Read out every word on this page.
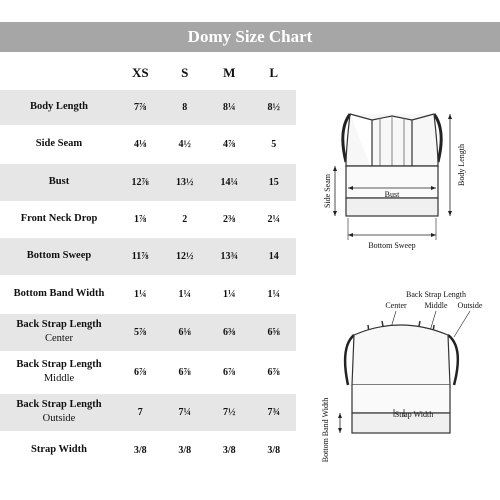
Domy Size Chart
	XS	S	M	L

Body Length	7⅞	8	8¼	8½

Side Seam	4⅛	4½	4⅞	5

Bust	12⅞	13½	14¼	15

Front Neck Drop	1⅞	2	2⅜	2¼

Bottom Sweep	11⅞	12½	13¾	14

Bottom Band Width	1¼	1¼	1¼	1¼

Back Strap Length
Center	5⅞	6⅛	6⅜	6⅝

Back Strap Length
Middle	6⅞	6⅞	6⅞	6⅞

Back Strap Length
Outside	7	7¼	7½	7¾

Strap Width	3/8	3/8	3/8	3/8
Bust
Bottom Sweep
Side Seam
Body Length
Back Strap Length
Center Middle Outside
Strap Width
Bottom Band Width
